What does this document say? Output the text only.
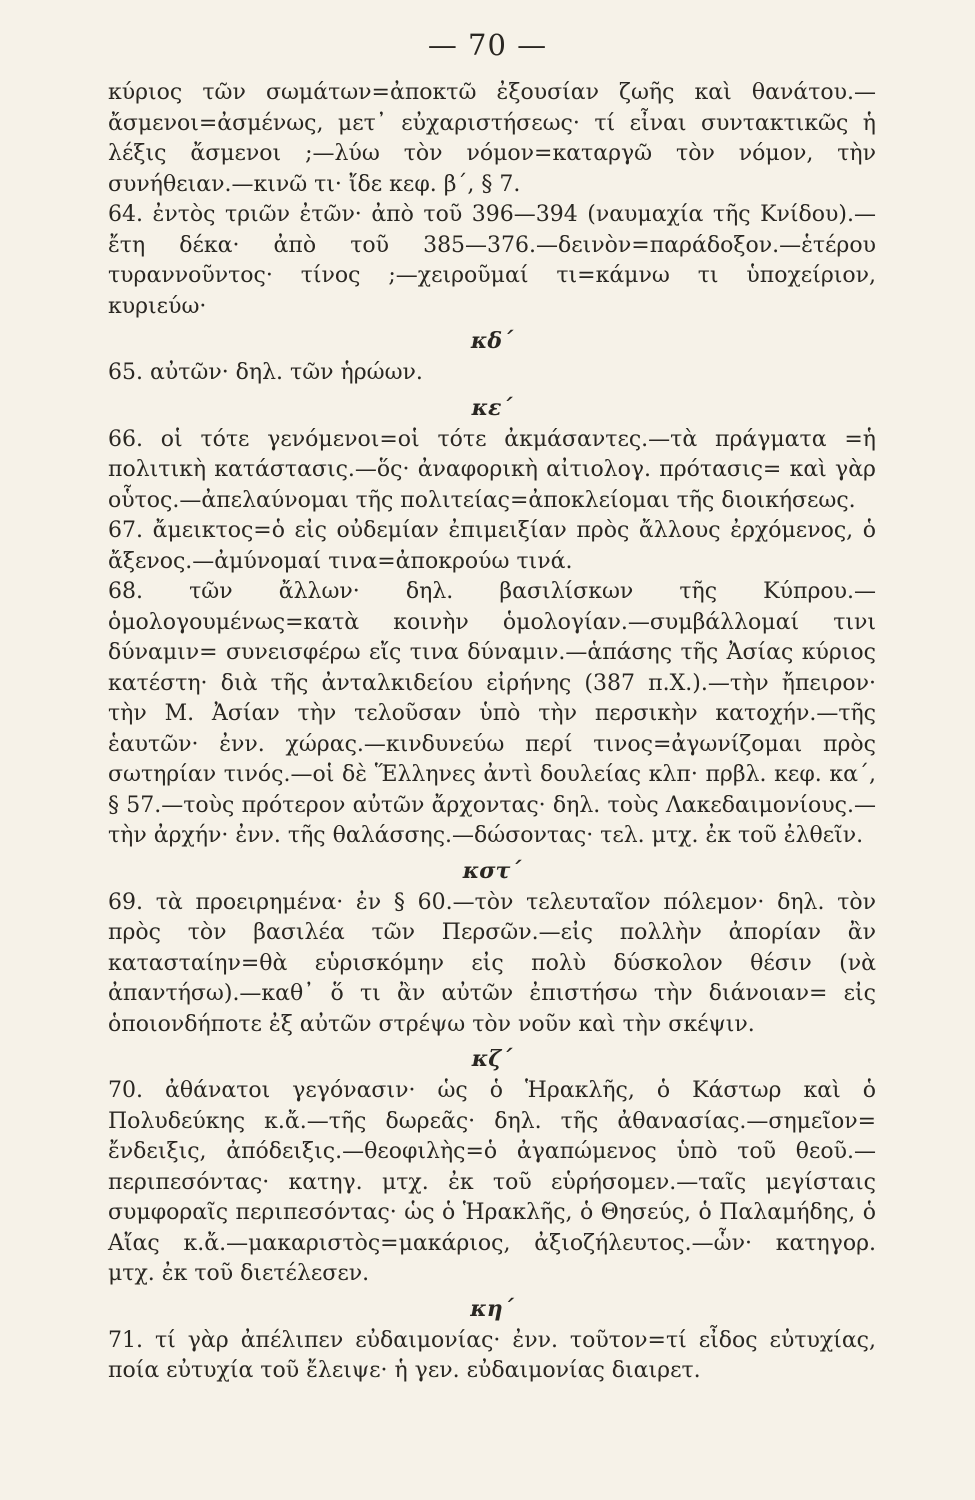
— 70 —

κύριος τῶν σωμάτων=ἀποκτῶ ἐξουσίαν ζωῆς καὶ θανάτου.— ἄσμενοι=ἀσμένως, μετ᾽ εὐχαριστήσεως· τί εἶναι συντακτικῶς ἡ λέξις ἄσμενοι ;—λύω τὸν νόμον=καταργῶ τὸν νόμον, τὴν συνήθειαν.—κινῶ τι· ἴδε κεφ. β΄, § 7.

64. ἐντὸς τριῶν ἐτῶν· ἀπὸ τοῦ 396—394 (ναυμαχία τῆς Κνίδου).—ἔτη δέκα· ἀπὸ τοῦ 385—376.—δεινὸν=παράδοξον.—ἑτέρου τυραννοῦντος· τίνος ;—χειροῦμαί τι=κάμνω τι ὑποχείριον, κυριεύω·

κδ΄

65. αὐτῶν· δηλ. τῶν ἡρώων.

κε΄

66. οἱ τότε γενόμενοι=οἱ τότε ἀκμάσαντες.—τὰ πράγματα =ἡ πολιτικὴ κατάστασις.—ὅς· ἀναφορικὴ αἰτιολογ. πρότασις= καὶ γὰρ οὗτος.—ἀπελαύνομαι τῆς πολιτείας=ἀποκλείομαι τῆς διοικήσεως.

67. ἄμεικτος=ὁ εἰς οὐδεμίαν ἐπιμειξίαν πρὸς ἄλλους ἐρχόμενος, ὁ ἄξενος.—ἀμύνομαί τινα=ἀποκρούω τινά.

68. τῶν ἄλλων· δηλ. βασιλίσκων τῆς Κύπρου.—ὁμολογουμένως=κατὰ κοινὴν ὁμολογίαν.—συμβάλλομαί τινι δύναμιν= συνεισφέρω εἴς τινα δύναμιν.—ἁπάσης τῆς Ἀσίας κύριος κατέστη· διὰ τῆς ἀνταλκιδείου εἰρήνης (387 π.Χ.).—τὴν ἤπειρον· τὴν Μ. Ἀσίαν τὴν τελοῦσαν ὑπὸ τὴν περσικὴν κατοχήν.—τῆς ἑαυτῶν· ἐνν. χώρας.—κινδυνεύω περί τινος=ἀγωνίζομαι πρὸς σωτηρίαν τινός.—οἱ δὲ Ἕλληνες ἀντὶ δουλείας κλπ· πρβλ. κεφ. κα΄, § 57.—τοὺς πρότερον αὐτῶν ἄρχοντας· δηλ. τοὺς Λακεδαιμονίους.—τὴν ἀρχήν· ἐνν. τῆς θαλάσσης.—δώσοντας· τελ. μτχ. ἐκ τοῦ ἐλθεῖν.

κστ΄

69. τὰ προειρημένα· ἐν § 60.—τὸν τελευταῖον πόλεμον· δηλ. τὸν πρὸς τὸν βασιλέα τῶν Περσῶν.—εἰς πολλὴν ἀπορίαν ἂν κατασταίην=θὰ εὑρισκόμην εἰς πολὺ δύσκολον θέσιν (νὰ ἀπαντήσω).—καθ᾽ ὅ τι ἂν αὐτῶν ἐπιστήσω τὴν διάνοιαν= εἰς ὁποιονδήποτε ἐξ αὐτῶν στρέψω τὸν νοῦν καὶ τὴν σκέψιν.

κζ΄

70. ἀθάνατοι γεγόνασιν· ὡς ὁ Ἡρακλῆς, ὁ Κάστωρ καὶ ὁ Πολυδεύκης κ.ἄ.—τῆς δωρεᾶς· δηλ. τῆς ἀθανασίας.—σημεῖον= ἔνδειξις, ἀπόδειξις.—θεοφιλὴς=ὁ ἀγαπώμενος ὑπὸ τοῦ θεοῦ.— περιπεσόντας· κατηγ. μτχ. ἐκ τοῦ εὑρήσομεν.—ταῖς μεγίσταις συμφοραῖς περιπεσόντας· ὡς ὁ Ἡρακλῆς, ὁ Θησεύς, ὁ Παλαμήδης, ὁ Αἴας κ.ἄ.—μακαριστὸς=μακάριος, ἀξιοζήλευτος.—ὧν· κατηγορ. μτχ. ἐκ τοῦ διετέλεσεν.

κη΄

71. τί γὰρ ἀπέλιπεν εὐδαιμονίας· ἐνν. τοῦτον=τί εἶδος εὐτυχίας, ποία εὐτυχία τοῦ ἔλειψε· ἡ γεν. εὐδαιμονίας διαιρετ.
